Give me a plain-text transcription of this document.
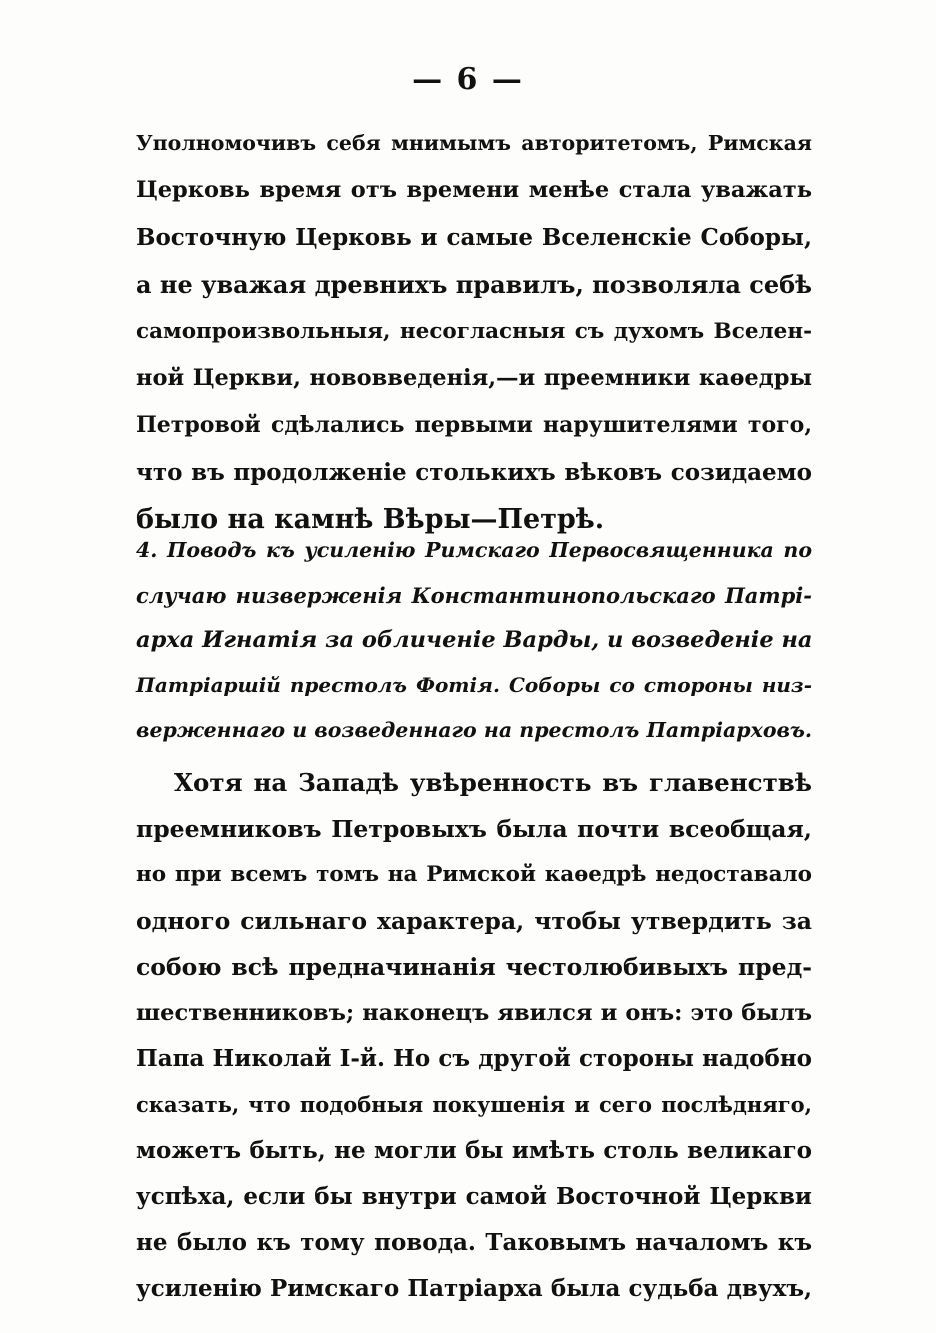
— 6 —
Уполномочивъ себя мнимымъ авторитетомъ, Римская
Церковь время отъ времени менѣе стала уважать
Восточную Церковь и самые Вселенскіе Соборы,
а не уважая древнихъ правилъ, позволяла себѣ
самопроизвольныя, несогласныя съ духомъ Вселен-
ной Церкви, нововведенія,—и преемники каѳедры
Петровой сдѣлались первыми нарушителями того,
что въ продолженіе столькихъ вѣковъ созидаемо
было на камнѣ Вѣры—Петрѣ.
4. Поводъ къ усиленію Римскаго Первосвященника по
случаю низверженія Константинопольскаго Патрі-
арха Игнатія за обличеніе Варды, и возведеніе на
Патріаршій престолъ Фотія. Соборы со стороны низ-
верженнаго и возведеннаго на престолъ Патріарховъ.
Хотя на Западѣ увѣренность въ главенствѣ
преемниковъ Петровыхъ была почти всеобщая,
но при всемъ томъ на Римской каѳедрѣ недоставало
одного сильнаго характера, чтобы утвердить за
собою всѣ предначинанія честолюбивыхъ пред-
шественниковъ; наконецъ явился и онъ: это былъ
Папа Николай I-й. Но съ другой стороны надобно
сказать, что подобныя покушенія и сего послѣдняго,
можетъ быть, не могли бы имѣть столь великаго
успѣха, если бы внутри самой Восточной Церкви
не было къ тому повода. Таковымъ началомъ къ
усиленію Римскаго Патріарха была судьба двухъ,
